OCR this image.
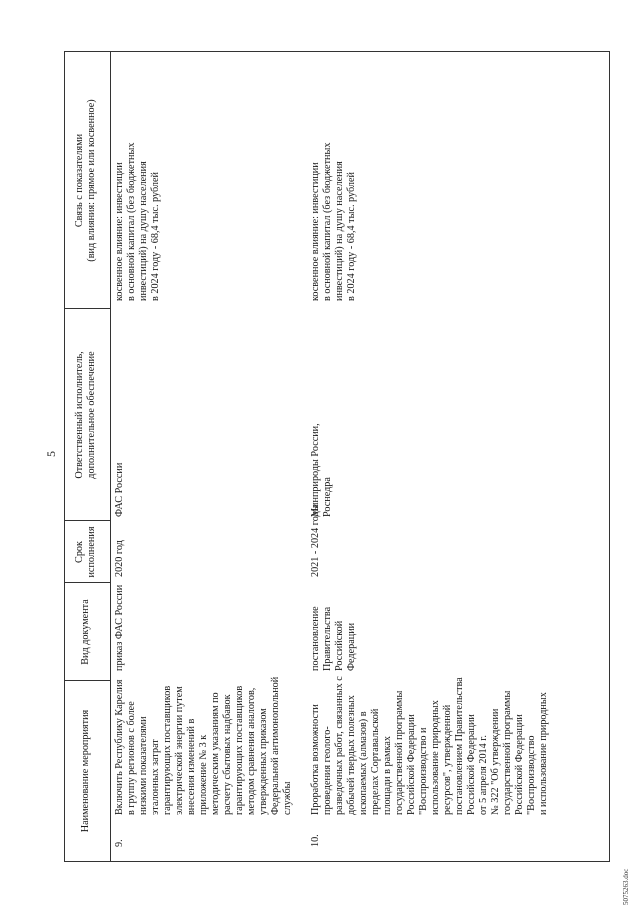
5
Наименование мероприятия
Вид документа
Срок исполнения
Ответственный исполнитель, дополнительное обеспечение
Связь с показателями (вид влияния: прямое или косвенное)
9.
Включить Республику Карелия в группу регионов с более низкими показателями эталонных затрат гарантирующих поставщиков электрической энергии путем внесения изменений в приложение № 3 к методическим указаниям по расчету сбытовых надбавок гарантирующих поставщиков методом сравнения аналогов, утвержденных приказом Федеральной антимонопольной службы
приказ ФАС России
2020 год
ФАС России
косвенное влияние: инвестиции в основной капитал (без бюджетных инвестиций) на душу населения в 2024 году - 68,4 тыс. рублей
10.
Проработка возможности проведения геолого- разведочных работ, связанных с добычей твердых полезных ископаемых (алмазов) в пределах Сортавальской площади в рамках государственной программы Российской Федерации "Воспроизводство и использование природных ресурсов", утвержденной постановлением Правительства Российской Федерации от 5 апреля 2014 г. № 322 "Об утверждении государственной программы Российской Федерации "Воспроизводство и использование природных
постановление Правительства Российской Федерации
2021 - 2024 годы
Минприроды России, Роснедра
косвенное влияние: инвестиции в основной капитал (без бюджетных инвестиций) на душу населения в 2024 году - 68,4 тыс. рублей
5075263.doc
